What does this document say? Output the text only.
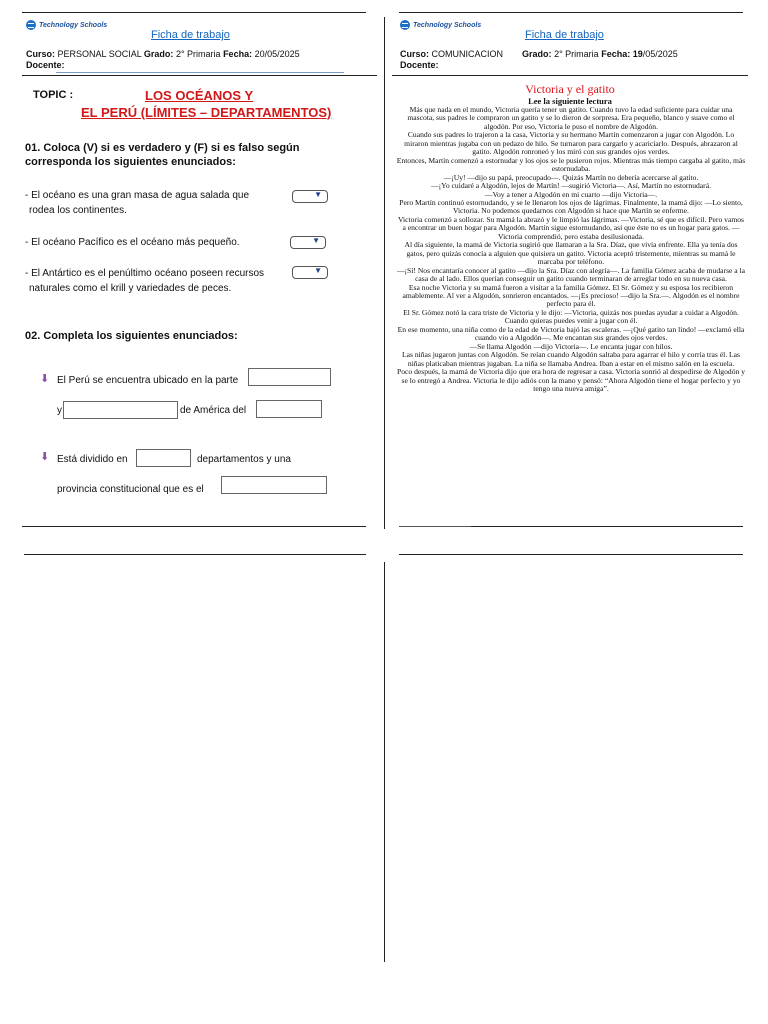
Technology Schools
Ficha de trabajo
Curso: PERSONAL SOCIAL Grado: 2° Primaria Fecha: 20/05/2025
Docente:
TOPIC :	LOS OCÉANOS Y
EL PERÚ (LÍMITES – DEPARTAMENTOS)
01. Coloca (V) si es verdadero y (F) si es falso según
corresponda los siguientes enunciados:
- El océano es una gran masa de agua salada que
rodea los continentes.
▼
- El océano Pacífico es el océano más pequeño.	▼
- El Antártico es el penúltimo océano poseen recursos
naturales como el krill y variedades de peces.
▼
02. Completa los siguientes enunciados:
⬇︎ El Perú se encuentra ubicado en la parte
y	de América del
⬇︎ Está dividido en	departamentos y una
provincia constitucional que es el
Technology Schools
Ficha de trabajo
Curso: COMUNICACION Grado: 2° Primaria Fecha: 19/05/2025
Docente:
Victoria y el gatito
Lee la siguiente lectura

Más que nada en el mundo, Victoria quería tener un gatito. Cuando tuvo la edad suficiente para cuidar una mascota, sus padres le compraron un gatito y se lo dieron de sorpresa. Era pequeño, blanco y suave como el algodón. Por eso, Victoria le puso el nombre de Algodón.

Cuando sus padres lo trajeron a la casa, Victoria y su hermano Martín comenzaron a jugar con Algodón. Lo miraron mientras jugaba con un pedazo de hilo. Se turnaron para cargarlo y acariciarlo. Después, abrazaron al gatito. Algodón ronroneó y los miró con sus grandes ojos verdes.

Entonces, Martín comenzó a estornudar y los ojos se le pusieron rojos. Mientras más tiempo cargaba al gatito, más estornudaba.

—¡Uy! —dijo su papá, preocupado—. Quizás Martín no debería acercarse al gatito.

—¡Yo cuidaré a Algodón, lejos de Martín! —sugirió Victoria—. Así, Martín no estornudará.

—Voy a tener a Algodón en mi cuarto —dijo Victoria—.

Pero Martín continuó estornudando, y se le llenaron los ojos de lágrimas. Finalmente, la mamá dijo: —Lo siento, Victoria. No podemos quedarnos con Algodón si hace que Martín se enferme.

Victoria comenzó a sollozar. Su mamá la abrazó y le limpió las lágrimas. —Victoria, sé que es difícil. Pero vamos a encontrar un buen hogar para Algodón. Martín sigue estornudando, así que éste no es un hogar para gatos. —Victoria comprendió, pero estaba desilusionada.

Al día siguiente, la mamá de Victoria sugirió que llamaran a la Sra. Díaz, que vivía enfrente. Ella ya tenía dos gatos, pero quizás conocía a alguien que quisiera un gatito. Victoria aceptó tristemente, mientras su mamá le marcaba por teléfono.

—¡Sí! Nos encantaría conocer al gatito —dijo la Sra. Díaz con alegría—. La familia Gómez acaba de mudarse a la casa de al lado. Ellos querían conseguir un gatito cuando terminaran de arreglar todo en su nueva casa.

Esa noche Victoria y su mamá fueron a visitar a la familia Gómez. El Sr. Gómez y su esposa los recibieron amablemente. Al ver a Algodón, sonrieron encantados. —¡Es precioso! —dijo la Sra.—. Algodón es el nombre perfecto para él.

El Sr. Gómez notó la cara triste de Victoria y le dijo: —Victoria, quizás nos puedas ayudar a cuidar a Algodón. Cuando quieras puedes venir a jugar con él.

En ese momento, una niña como de la edad de Victoria bajó las escaleras. —¡Qué gatito tan lindo! —exclamó ella cuando vio a Algodón—. Me encantan sus grandes ojos verdes.

—Se llama Algodón —dijo Victoria—. Le encanta jugar con hilos.

Las niñas jugaron juntas con Algodón. Se reían cuando Algodón saltaba para agarrar el hilo y corría tras él. Las niñas platicaban mientras jugaban. La niña se llamaba Andrea. Iban a estar en el mismo salón en la escuela.

Poco después, la mamá de Victoria dijo que era hora de regresar a casa. Victoria sonrió al despedirse de Algodón y se lo entregó a Andrea. Victoria le dijo adiós con la mano y pensó: “Ahora Algodón tiene el hogar perfecto y yo tengo una nueva amiga”.
